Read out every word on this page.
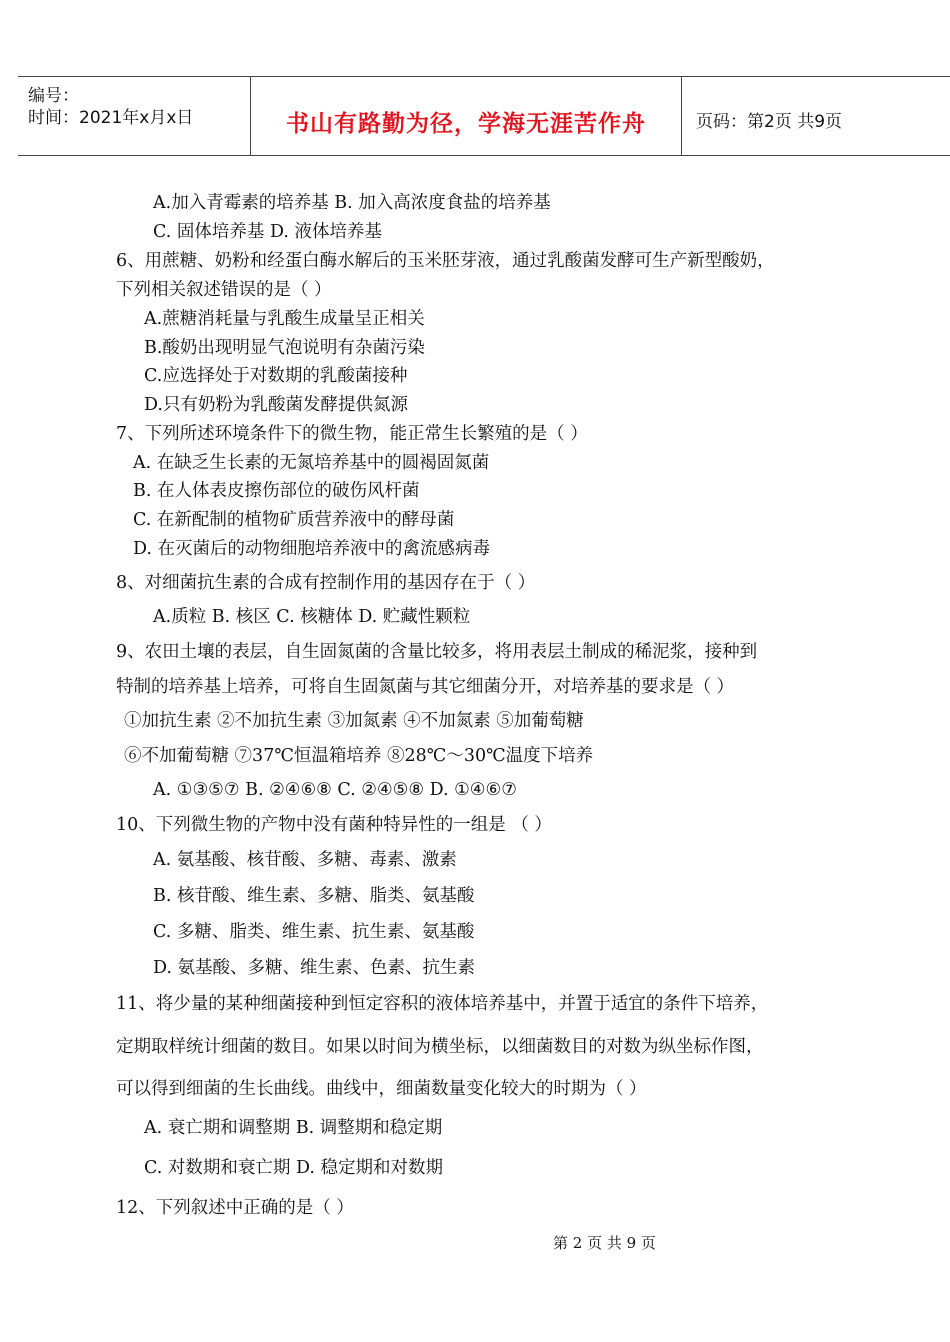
编号：
时间：2021年x月x日	书山有路勤为径，学海无涯苦作舟	页码：第2页 共9页
A.加入青霉素的培养基 B. 加入高浓度食盐的培养基
C. 固体培养基 D. 液体培养基
6、用蔗糖、奶粉和经蛋白酶水解后的玉米胚芽液，通过乳酸菌发酵可生产新型酸奶，
下列相关叙述错误的是（ ）
A.蔗糖消耗量与乳酸生成量呈正相关
B.酸奶出现明显气泡说明有杂菌污染
C.应选择处于对数期的乳酸菌接种
D.只有奶粉为乳酸菌发酵提供氮源
7、下列所述环境条件下的微生物，能正常生长繁殖的是（ ）
A. 在缺乏生长素的无氮培养基中的圆褐固氮菌
B. 在人体表皮擦伤部位的破伤风杆菌
C. 在新配制的植物矿质营养液中的酵母菌
D. 在灭菌后的动物细胞培养液中的禽流感病毒
8、对细菌抗生素的合成有控制作用的基因存在于（ ）
A.质粒 B. 核区 C. 核糖体 D. 贮藏性颗粒
9、农田土壤的表层，自生固氮菌的含量比较多，将用表层土制成的稀泥浆，接种到
特制的培养基上培养，可将自生固氮菌与其它细菌分开，对培养基的要求是（ ）
①加抗生素 ②不加抗生素 ③加氮素 ④不加氮素 ⑤加葡萄糖
⑥不加葡萄糖 ⑦37℃恒温箱培养 ⑧28℃～30℃温度下培养
A. ①③⑤⑦ B. ②④⑥⑧ C. ②④⑤⑧ D. ①④⑥⑦
10、下列微生物的产物中没有菌种特异性的一组是 （ ）
A. 氨基酸、核苷酸、多糖、毒素、激素
B. 核苷酸、维生素、多糖、脂类、氨基酸
C. 多糖、脂类、维生素、抗生素、氨基酸
D. 氨基酸、多糖、维生素、色素、抗生素
11、将少量的某种细菌接种到恒定容积的液体培养基中，并置于适宜的条件下培养，
定期取样统计细菌的数目。如果以时间为横坐标，以细菌数目的对数为纵坐标作图，
可以得到细菌的生长曲线。曲线中，细菌数量变化较大的时期为（ ）
A. 衰亡期和调整期 B. 调整期和稳定期
C. 对数期和衰亡期 D. 稳定期和对数期
12、下列叙述中正确的是（ ）
第 2 页 共 9 页
